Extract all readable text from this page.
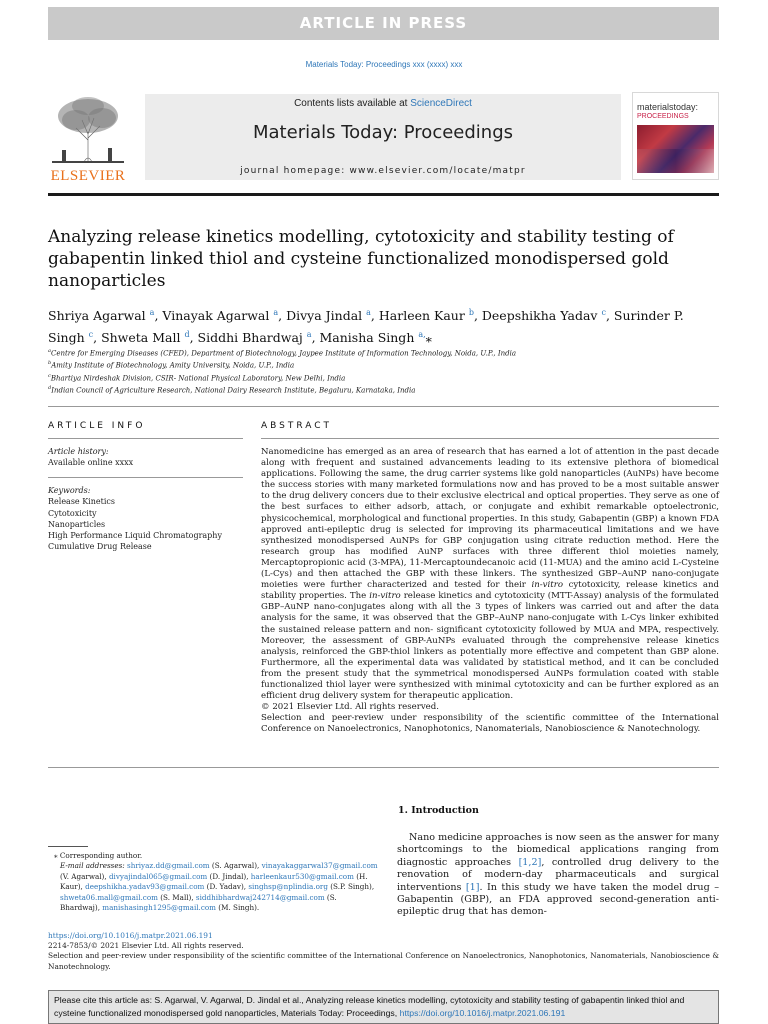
ARTICLE IN PRESS
Materials Today: Proceedings xxx (xxxx) xxx
ELSEVIER
Contents lists available at ScienceDirect
Materials Today: Proceedings
journal homepage: www.elsevier.com/locate/matpr
materialstoday:
PROCEEDINGS
Analyzing release kinetics modelling, cytotoxicity and stability testing of gabapentin linked thiol and cysteine functionalized monodispersed gold nanoparticles
Shriya Agarwal $^a$, Vinayak Agarwal $^a$, Divya Jindal $^a$, Harleen Kaur $^b$, Deepshikha Yadav $^c$, Surinder P. Singh $^c$, Shweta Mall $^d$, Siddhi Bhardwaj $^a$, Manisha Singh $^{a,}$⁎
$^a$Centre for Emerging Diseases (CFED), Department of Biotechnology, Jaypee Institute of Information Technology, Noida, U.P., India
$^b$Amity Institute of Biotechnology, Amity University, Noida, U.P., India
$^c$Bhartiya Nirdeshak Division, CSIR- National Physical Laboratory, New Delhi, India
$^d$Indian Council of Agriculture Research, National Dairy Research Institute, Begaluru, Karnataka, India
ARTICLE INFO	ABSTRACT
Article history:
Available online xxxx
Keywords:
Release Kinetics
Cytotoxicity
Nanoparticles
High Performance Liquid Chromatography
Cumulative Drug Release

Nanomedicine has emerged as an area of research that has earned a lot of attention in the past decade along with frequent and sustained advancements leading to its extensive plethora of biomedical applications. Following the same, the drug carrier systems like gold nanoparticles (AuNPs) have become the success stories with many marketed formulations now and has proved to be a most suitable answer to the drug delivery concers due to their exclusive electrical and optical properties. They serve as one of the best surfaces to either adsorb, attach, or conjugate and exhibit remarkable optoelectronic, physicochemical, morphological and functional properties. In this study, Gabapentin (GBP) a known FDA approved anti-epileptic drug is selected for improving its pharmaceutical limitations and we have synthesized monodispersed AuNPs for GBP conjugation using citrate reduction method. Here the research group has modified AuNP surfaces with three different thiol moieties namely, Mercaptopropionic acid (3-MPA), 11-Mercaptoundecanoic acid (11-MUA) and the amino acid L-Cysteine (L-Cys) and then attached the GBP with these linkers. The synthesized GBP–AuNP nano-conjugate moieties were further characterized and tested for their in-vitro cytotoxicity, release kinetics and stability properties. The in-vitro release kinetics and cytotoxicity (MTT-Assay) analysis of the formulated GBP–AuNP nano-conjugates along with all the 3 types of linkers was carried out and after the data analysis for the same, it was observed that the GBP–AuNP nano-conjugate with L-Cys linker exhibited the sustained release pattern and non- significant cytotoxicity followed by MUA and MPA, respectively. Moreover, the assessment of GBP-AuNPs evaluated through the comprehensive release kinetics analysis, reinforced the GBP-thiol linkers as potentially more effective and competent than GBP alone. Furthermore, all the experimental data was validated by statistical method, and it can be concluded from the present study that the symmetrical monodispersed AuNPs formulation coated with stable functionalized thiol layer were synthesized with minimal cytotoxicity and can be further explored as an efficient drug delivery system for therapeutic application.

© 2021 Elsevier Ltd. All rights reserved.

Selection and peer-review under responsibility of the scientific committee of the International Conference on Nanoelectronics, Nanophotonics, Nanomaterials, Nanobioscience & Nanotechnology.

1. Introduction
Nano medicine approaches is now seen as the answer for many shortcomings to the biomedical applications ranging from diagnostic approaches [1,2], controlled drug delivery to the renovation of modern-day pharmaceuticals and surgical interventions [1]. In this study we have taken the model drug – Gabapentin (GBP), an FDA approved second-generation anti-epileptic drug that has demon-
⁎ Corresponding author.
E-mail addresses: shriyaz.dd@gmail.com (S. Agarwal), vinayakaggarwal37@gmail.com (V. Agarwal), divyajindal065@gmail.com (D. Jindal), harleenkaur530@gmail.com (H. Kaur), deepshikha.yadav93@gmail.com (D. Yadav), singhsp@nplindia.org (S.P. Singh), shweta06.mall@gmail.com (S. Mall), siddhibhardwaj242714@gmail.com (S. Bhardwaj), manishasingh1295@gmail.com (M. Singh).
https://doi.org/10.1016/j.matpr.2021.06.191
2214-7853/© 2021 Elsevier Ltd. All rights reserved.
Selection and peer-review under responsibility of the scientific committee of the International Conference on Nanoelectronics, Nanophotonics, Nanomaterials, Nanobioscience & Nanotechnology.
Please cite this article as: S. Agarwal, V. Agarwal, D. Jindal et al., Analyzing release kinetics modelling, cytotoxicity and stability testing of gabapentin linked thiol and cysteine functionalized monodispersed gold nanoparticles, Materials Today: Proceedings, https://doi.org/10.1016/j.matpr.2021.06.191
